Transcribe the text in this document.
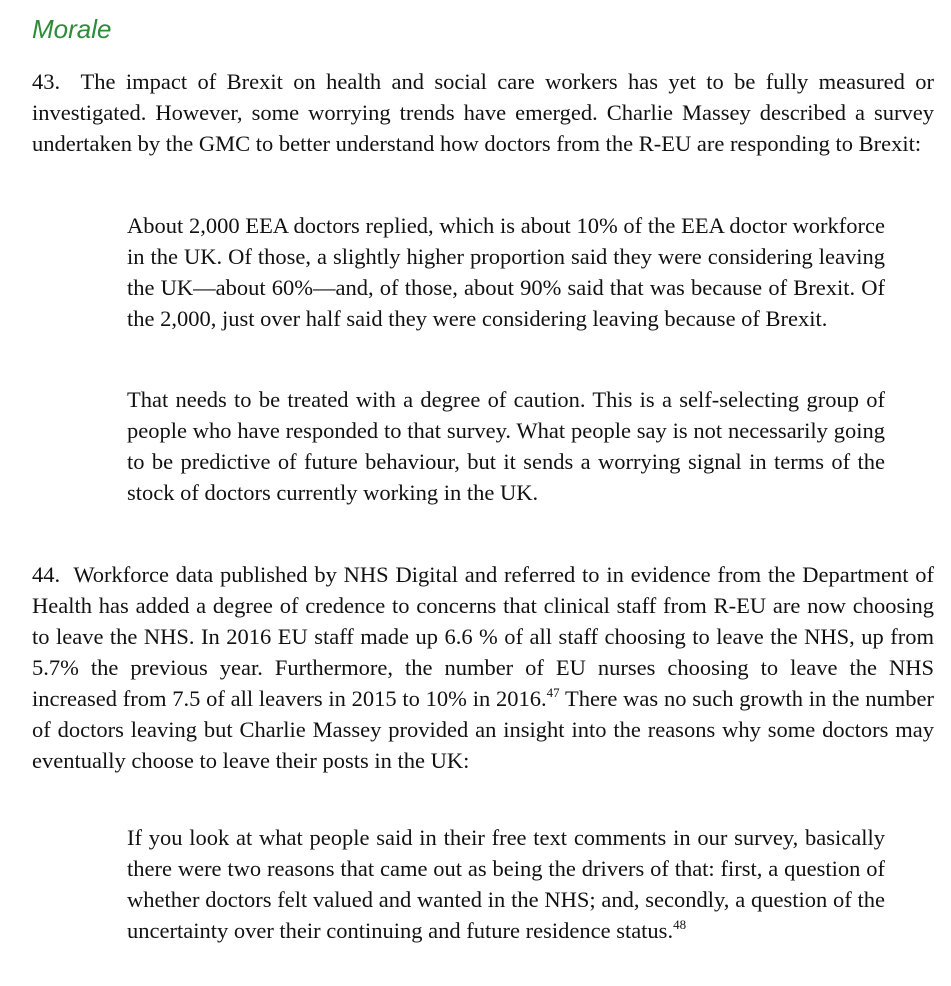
Morale

43. The impact of Brexit on health and social care workers has yet to be fully measured or investigated. However, some worrying trends have emerged. Charlie Massey described a survey undertaken by the GMC to better understand how doctors from the R-EU are responding to Brexit:

About 2,000 EEA doctors replied, which is about 10% of the EEA doctor workforce in the UK. Of those, a slightly higher proportion said they were considering leaving the UK—about 60%—and, of those, about 90% said that was because of Brexit. Of the 2,000, just over half said they were considering leaving because of Brexit.

That needs to be treated with a degree of caution. This is a self-selecting group of people who have responded to that survey. What people say is not necessarily going to be predictive of future behaviour, but it sends a worrying signal in terms of the stock of doctors currently working in the UK.

44. Workforce data published by NHS Digital and referred to in evidence from the Department of Health has added a degree of credence to concerns that clinical staff from R-EU are now choosing to leave the NHS. In 2016 EU staff made up 6.6 % of all staff choosing to leave the NHS, up from 5.7% the previous year. Furthermore, the number of EU nurses choosing to leave the NHS increased from 7.5 of all leavers in 2015 to 10% in 2016.47 There was no such growth in the number of doctors leaving but Charlie Massey provided an insight into the reasons why some doctors may eventually choose to leave their posts in the UK:

If you look at what people said in their free text comments in our survey, basically there were two reasons that came out as being the drivers of that: first, a question of whether doctors felt valued and wanted in the NHS; and, secondly, a question of the uncertainty over their continuing and future residence status.$^{48}$
